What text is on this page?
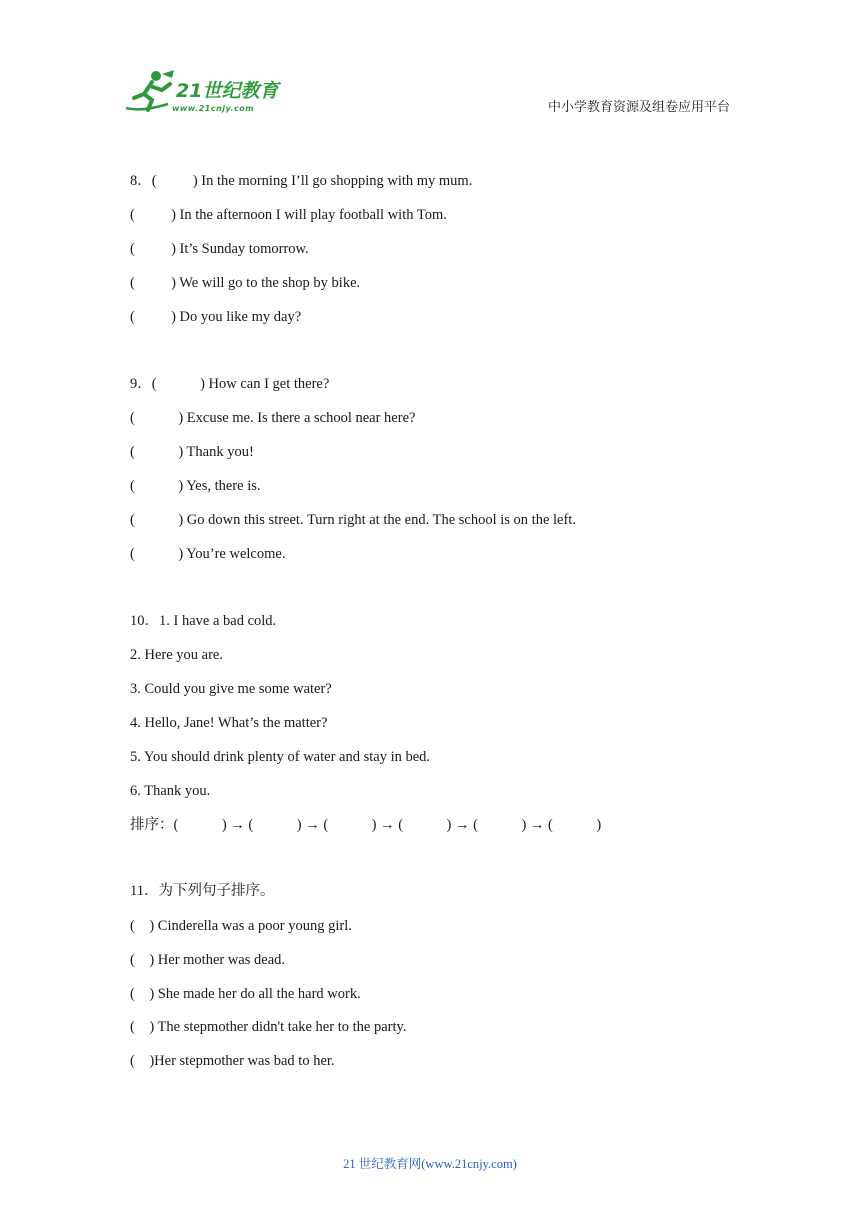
21世纪教育
www.21cnjy.com	中小学教育资源及组卷应用平台
8．(          ) In the morning I’ll go shopping with my mum.
(          ) In the afternoon I will play football with Tom.
(          ) It’s Sunday tomorrow.
(          ) We will go to the shop by bike.
(          ) Do you like my day?
9．(            ) How can I get there?
(            ) Excuse me. Is there a school near here?
(            ) Thank you!
(            ) Yes, there is.
(            ) Go down this street. Turn right at the end. The school is on the left.
(            ) You’re welcome.
10．1. I have a bad cold.
2. Here you are.
3. Could you give me some water?
4. Hello, Jane! What’s the matter?
5. You should drink plenty of water and stay in bed.
6. Thank you.
排序：(            ) → (            ) → (            ) → (            ) → (            ) → (            )
11．为下列句子排序。
(    ) Cinderella was a poor young girl.
(    ) Her mother was dead.
(    ) She made her do all the hard work.
(    ) The stepmother didn't take her to the party.
(    )Her stepmother was bad to her.
21 世纪教育网(www.21cnjy.com)
